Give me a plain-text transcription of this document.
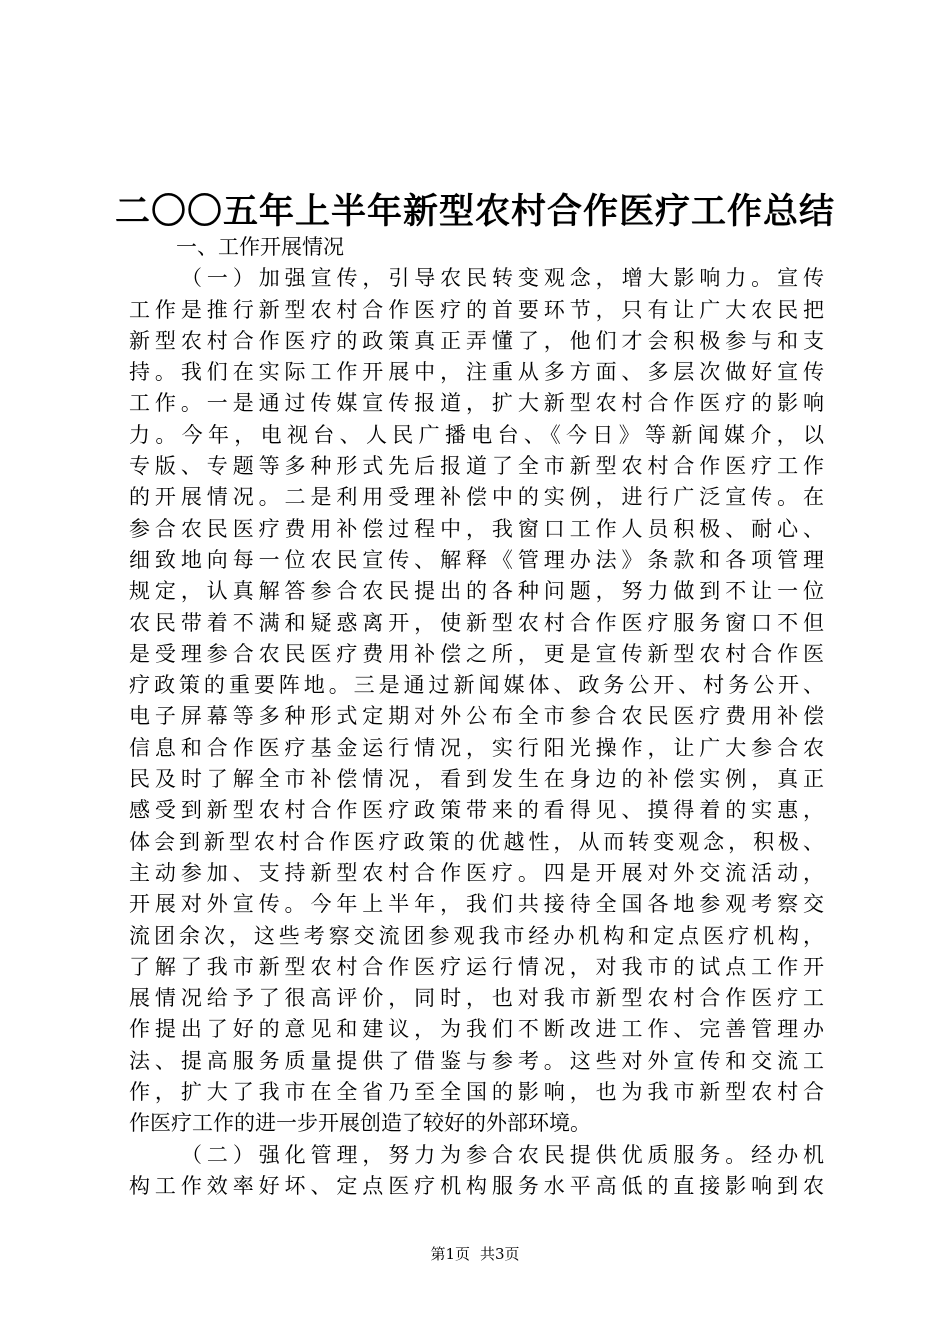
二〇〇五年上半年新型农村合作医疗工作总结
一、工作开展情况
（一）加强宣传，引导农民转变观念，增大影响力。宣传
工作是推行新型农村合作医疗的首要环节，只有让广大农民把
新型农村合作医疗的政策真正弄懂了，他们才会积极参与和支
持。我们在实际工作开展中，注重从多方面、多层次做好宣传
工作。一是通过传媒宣传报道，扩大新型农村合作医疗的影响
力。今年，电视台、人民广播电台、《今日》等新闻媒介，以
专版、专题等多种形式先后报道了全市新型农村合作医疗工作
的开展情况。二是利用受理补偿中的实例，进行广泛宣传。在
参合农民医疗费用补偿过程中，我窗口工作人员积极、耐心、
细致地向每一位农民宣传、解释《管理办法》条款和各项管理
规定，认真解答参合农民提出的各种问题，努力做到不让一位
农民带着不满和疑惑离开，使新型农村合作医疗服务窗口不但
是受理参合农民医疗费用补偿之所，更是宣传新型农村合作医
疗政策的重要阵地。三是通过新闻媒体、政务公开、村务公开、
电子屏幕等多种形式定期对外公布全市参合农民医疗费用补偿
信息和合作医疗基金运行情况，实行阳光操作，让广大参合农
民及时了解全市补偿情况，看到发生在身边的补偿实例，真正
感受到新型农村合作医疗政策带来的看得见、摸得着的实惠，
体会到新型农村合作医疗政策的优越性，从而转变观念，积极、
主动参加、支持新型农村合作医疗。四是开展对外交流活动，
开展对外宣传。今年上半年，我们共接待全国各地参观考察交
流团余次，这些考察交流团参观我市经办机构和定点医疗机构，
了解了我市新型农村合作医疗运行情况，对我市的试点工作开
展情况给予了很高评价，同时，也对我市新型农村合作医疗工
作提出了好的意见和建议，为我们不断改进工作、完善管理办
法、提高服务质量提供了借鉴与参考。这些对外宣传和交流工
作，扩大了我市在全省乃至全国的影响，也为我市新型农村合
作医疗工作的进一步开展创造了较好的外部环境。
（二）强化管理，努力为参合农民提供优质服务。经办机
构工作效率好坏、定点医疗机构服务水平高低的直接影响到农
第1页 共3页
